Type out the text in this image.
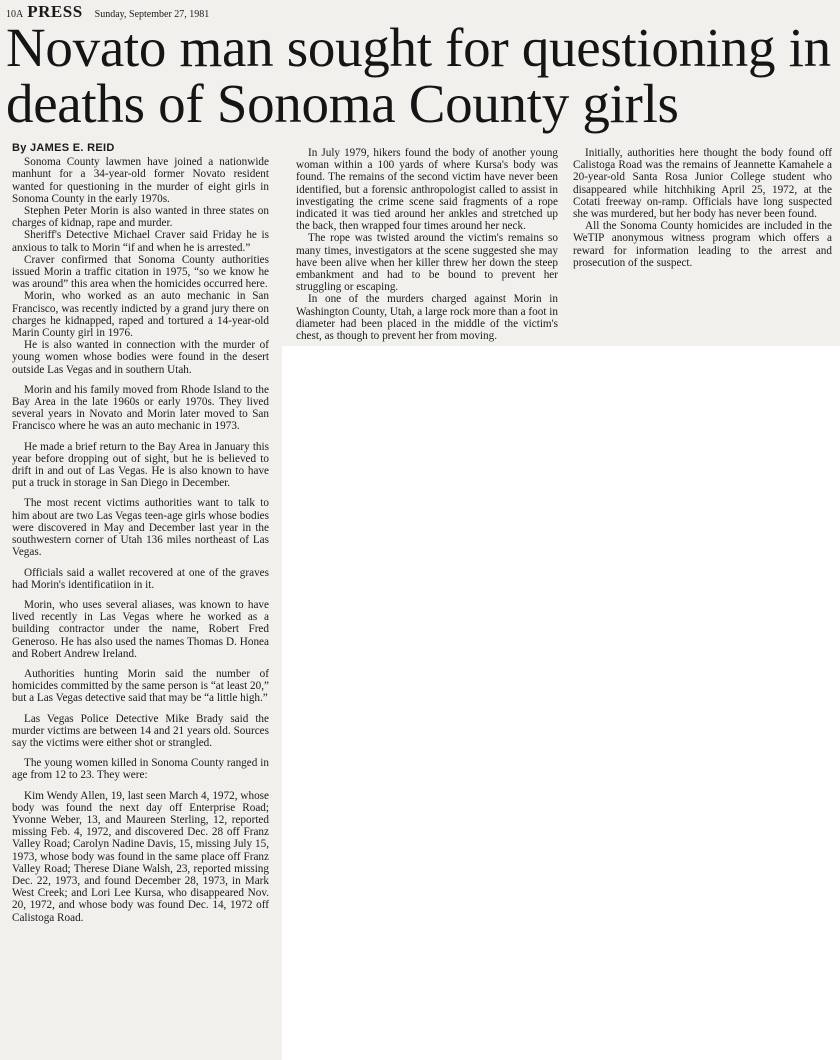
10A PRESS Sunday, September 27, 1981
Novato man sought for questioning in deaths of Sonoma County girls
By JAMES E. REID

Sonoma County lawmen have joined a nationwide manhunt for a 34-year-old former Novato resident wanted for questioning in the murder of eight girls in Sonoma County in the early 1970s.

Stephen Peter Morin is also wanted in three states on charges of kidnap, rape and murder.

Sheriff's Detective Michael Craver said Friday he is anxious to talk to Morin “if and when he is arrested.”

Craver confirmed that Sonoma County authorities issued Morin a traffic citation in 1975, “so we know he was around” this area when the homicides occurred here.

Morin, who worked as an auto mechanic in San Francisco, was recently indicted by a grand jury there on charges he kidnapped, raped and tortured a 14-year-old Marin County girl in 1976.

He is also wanted in connection with the murder of young women whose bodies were found in the desert outside Las Vegas and in southern Utah.

Morin and his family moved from Rhode Island to the Bay Area in the late 1960s or early 1970s. They lived several years in Novato and Morin later moved to San Francisco where he was an auto mechanic in 1973.

He made a brief return to the Bay Area in January this year before dropping out of sight, but he is believed to drift in and out of Las Vegas. He is also known to have put a truck in storage in San Diego in December.

The most recent victims authorities want to talk to him about are two Las Vegas teen-age girls whose bodies were discovered in May and December last year in the southwestern corner of Utah 136 miles northeast of Las Vegas.

Officials said a wallet recovered at one of the graves had Morin's identificatiion in it.

Morin, who uses several aliases, was known to have lived recently in Las Vegas where he worked as a building contractor under the name, Robert Fred Generoso. He has also used the names Thomas D. Honea and Robert Andrew Ireland.

Authorities hunting Morin said the number of homicides committed by the same person is “at least 20,” but a Las Vegas detective said that may be “a little high.”

Las Vegas Police Detective Mike Brady said the murder victims are between 14 and 21 years old. Sources say the victims were either shot or strangled.

The young women killed in Sonoma County ranged in age from 12 to 23. They were:

Kim Wendy Allen, 19, last seen March 4, 1972, whose body was found the next day off Enterprise Road; Yvonne Weber, 13, and Maureen Sterling, 12, reported missing Feb. 4, 1972, and discovered Dec. 28 off Franz Valley Road; Carolyn Nadine Davis, 15, missing July 15, 1973, whose body was found in the same place off Franz Valley Road; Therese Diane Walsh, 23, reported missing Dec. 22, 1973, and found December 28, 1973, in Mark West Creek; and Lori Lee Kursa, who disappeared Nov. 20, 1972, and whose body was found Dec. 14, 1972 off Calistoga Road.

In July 1979, hikers found the body of another young woman within a 100 yards of where Kursa's body was found. The remains of the second victim have never been identified, but a forensic anthropologist called to assist in investigating the crime scene said fragments of a rope indicated it was tied around her ankles and stretched up the back, then wrapped four times around her neck.

The rope was twisted around the victim's remains so many times, investigators at the scene suggested she may have been alive when her killer threw her down the steep embankment and had to be bound to prevent her struggling or escaping.

In one of the murders charged against Morin in Washington County, Utah, a large rock more than a foot in diameter had been placed in the middle of the victim's chest, as though to prevent her from moving.

Initially, authorities here thought the body found off Calistoga Road was the remains of Jeannette Kamahele a 20-year-old Santa Rosa Junior College student who disappeared while hitchhiking April 25, 1972, at the Cotati freeway on-ramp. Officials have long suspected she was murdered, but her body has never been found.

All the Sonoma County homicides are included in the WeTIP anonymous witness program which offers a reward for information leading to the arrest and prosecution of the suspect.
